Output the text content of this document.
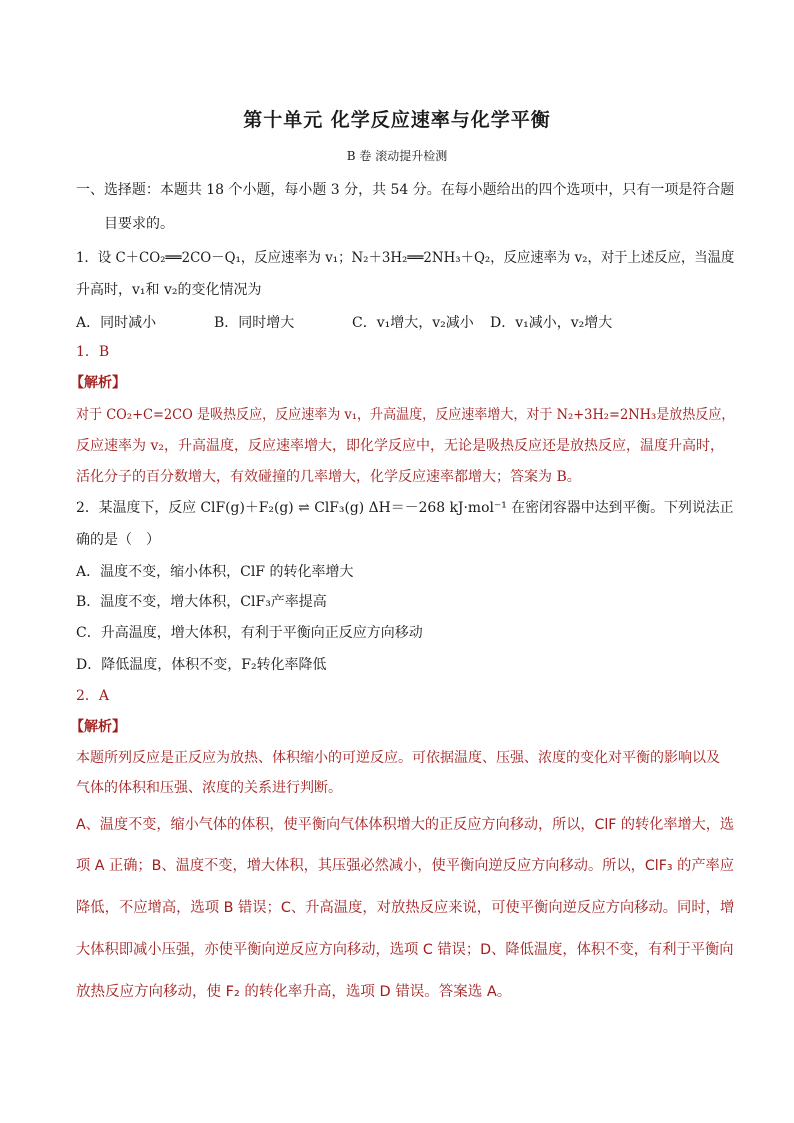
第十单元 化学反应速率与化学平衡
B 卷 滚动提升检测
一、选择题：本题共 18 个小题，每小题 3 分，共 54 分。在每小题给出的四个选项中，只有一项是符合题
目要求的。
1．设 C＋CO₂══2CO－Q₁，反应速率为 v₁；N₂＋3H₂══2NH₃＋Q₂，反应速率为 v₂，对于上述反应，当温度
升高时，v₁和 v₂的变化情况为
A．同时减小	B．同时增大	C．v₁增大，v₂减小 D．v₁减小，v₂增大
1．B
【解析】
对于 CO₂+C=2CO 是吸热反应，反应速率为 v₁，升高温度，反应速率增大，对于 N₂+3H₂=2NH₃是放热反应，
反应速率为 v₂，升高温度，反应速率增大，即化学反应中，无论是吸热反应还是放热反应，温度升高时，
活化分子的百分数增大，有效碰撞的几率增大，化学反应速率都增大；答案为 B。
2．某温度下，反应 ClF(g)＋F₂(g) ⇌ ClF₃(g) ΔH＝－268 kJ·mol⁻¹ 在密闭容器中达到平衡。下列说法正
确的是（　）
A．温度不变，缩小体积，ClF 的转化率增大
B．温度不变，增大体积，ClF₃产率提高
C．升高温度，增大体积，有利于平衡向正反应方向移动
D．降低温度，体积不变，F₂转化率降低
2．A
【解析】
本题所列反应是正反应为放热、体积缩小的可逆反应。可依据温度、压强、浓度的变化对平衡的影响以及
气体的体积和压强、浓度的关系进行判断。
A、温度不变，缩小气体的体积，使平衡向气体体积增大的正反应方向移动，所以，ClF 的转化率增大，选
项 A 正确；B、温度不变，增大体积，其压强必然减小，使平衡向逆反应方向移动。所以，ClF₃ 的产率应
降低，不应增高，选项 B 错误；C、升高温度，对放热反应来说，可使平衡向逆反应方向移动。同时，增
大体积即减小压强，亦使平衡向逆反应方向移动，选项 C 错误；D、降低温度，体积不变，有利于平衡向
放热反应方向移动，使 F₂ 的转化率升高，选项 D 错误。答案选 A。
